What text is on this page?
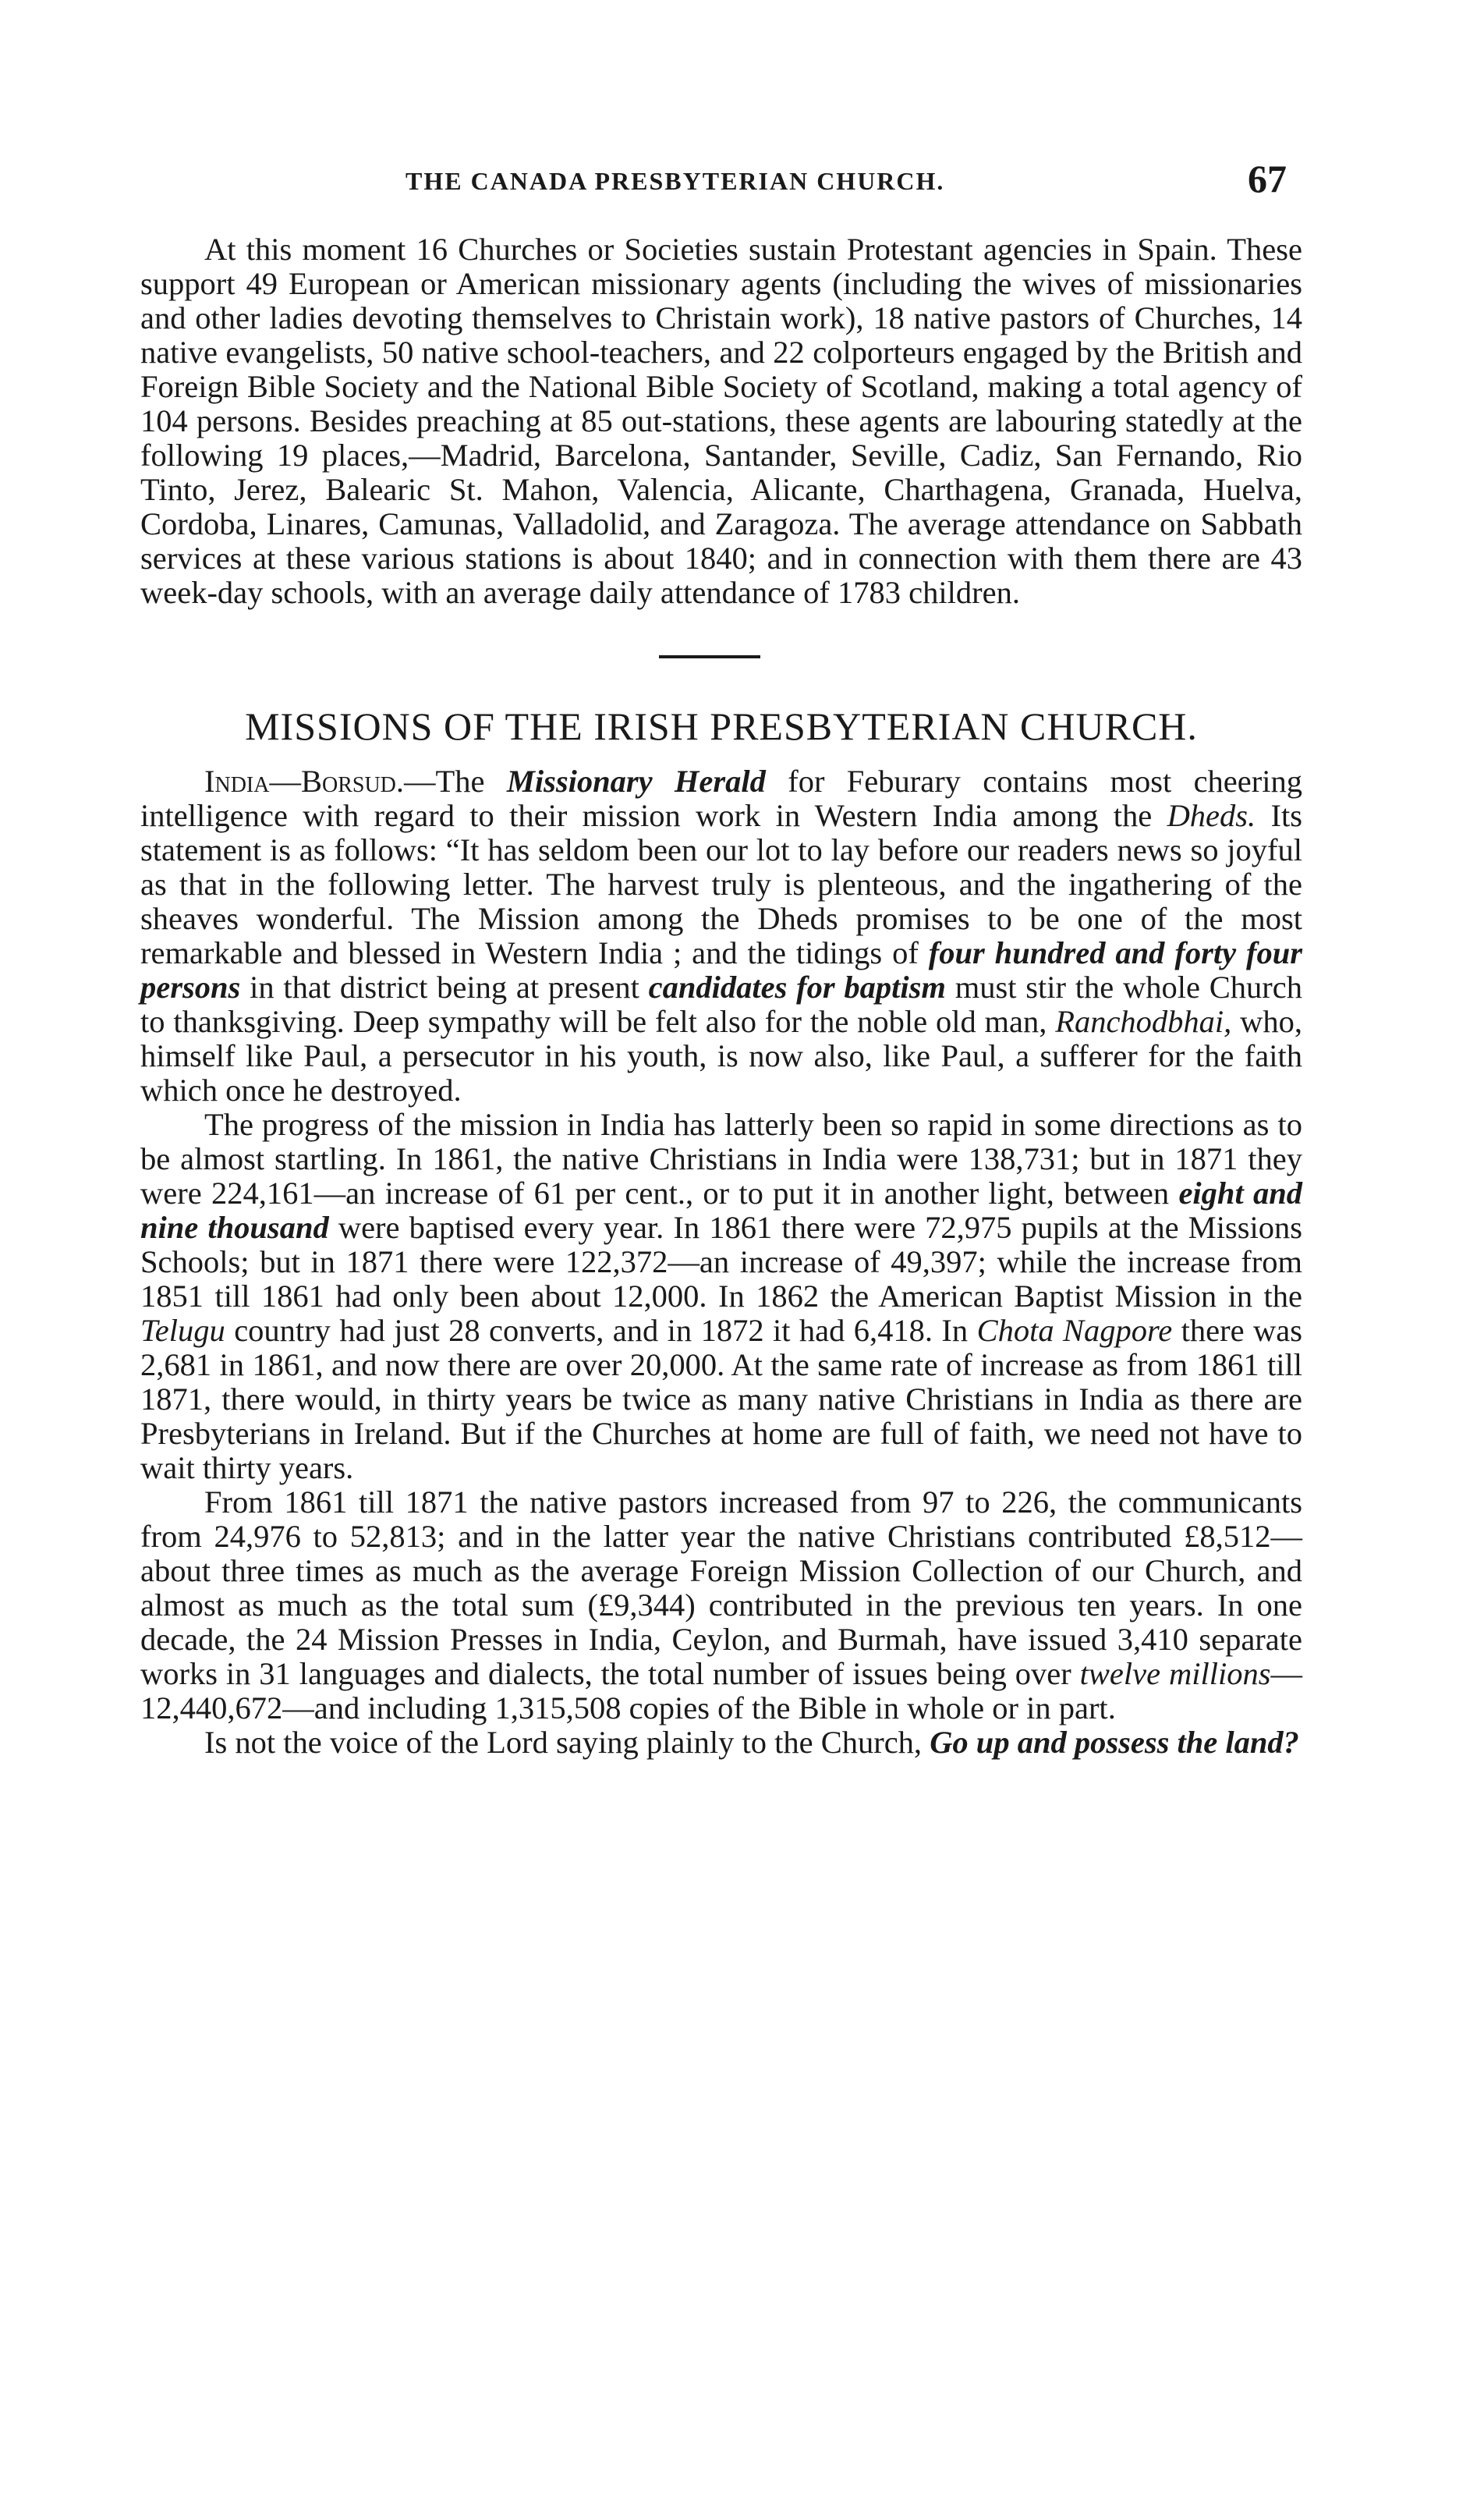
THE CANADA PRESBYTERIAN CHURCH.	67

At this moment 16 Churches or Societies sustain Protestant agencies in Spain. These support 49 European or American missionary agents (including the wives of missionaries and other ladies devoting themselves to Christain work), 18 native pastors of Churches, 14 native evangelists, 50 native school-teachers, and 22 colporteurs engaged by the British and Foreign Bible Society and the National Bible Society of Scotland, making a total agency of 104 persons. Besides preaching at 85 out-stations, these agents are labouring statedly at the following 19 places,—Madrid, Barcelona, Santander, Seville, Cadiz, San Fernando, Rio Tinto, Jerez, Balearic St. Mahon, Valencia, Alicante, Charthagena, Granada, Huelva, Cordoba, Linares, Camunas, Valladolid, and Zaragoza. The average attendance on Sabbath services at these various stations is about 1840; and in connection with them there are 43 week-day schools, with an average daily attendance of 1783 children.

MISSIONS OF THE IRISH PRESBYTERIAN CHURCH.

India—Borsud.—The Missionary Herald for Feburary contains most cheering intelligence with regard to their mission work in Western India among the Dheds. Its statement is as follows: “It has seldom been our lot to lay before our readers news so joyful as that in the following letter. The harvest truly is plenteous, and the ingathering of the sheaves wonderful. The Mission among the Dheds promises to be one of the most remarkable and blessed in Western India ; and the tidings of four hundred and forty four persons in that district being at present candidates for baptism must stir the whole Church to thanksgiving. Deep sympathy will be felt also for the noble old man, Ranchodbhai, who, himself like Paul, a persecutor in his youth, is now also, like Paul, a sufferer for the faith which once he destroyed.

The progress of the mission in India has latterly been so rapid in some directions as to be almost startling. In 1861, the native Christians in India were 138,731; but in 1871 they were 224,161—an increase of 61 per cent., or to put it in another light, between eight and nine thousand were baptised every year. In 1861 there were 72,975 pupils at the Missions Schools; but in 1871 there were 122,372—an increase of 49,397; while the increase from 1851 till 1861 had only been about 12,000. In 1862 the American Baptist Mission in the Telugu country had just 28 converts, and in 1872 it had 6,418. In Chota Nagpore there was 2,681 in 1861, and now there are over 20,000. At the same rate of increase as from 1861 till 1871, there would, in thirty years be twice as many native Christians in India as there are Presbyterians in Ireland. But if the Churches at home are full of faith, we need not have to wait thirty years.

From 1861 till 1871 the native pastors increased from 97 to 226, the communicants from 24,976 to 52,813; and in the latter year the native Christians contributed £8,512—about three times as much as the average Foreign Mission Collection of our Church, and almost as much as the total sum (£9,344) contributed in the previous ten years. In one decade, the 24 Mission Presses in India, Ceylon, and Burmah, have issued 3,410 separate works in 31 languages and dialects, the total number of issues being over twelve millions—12,440,672—and including 1,315,508 copies of the Bible in whole or in part.

Is not the voice of the Lord saying plainly to the Church, Go up and possess the land?
